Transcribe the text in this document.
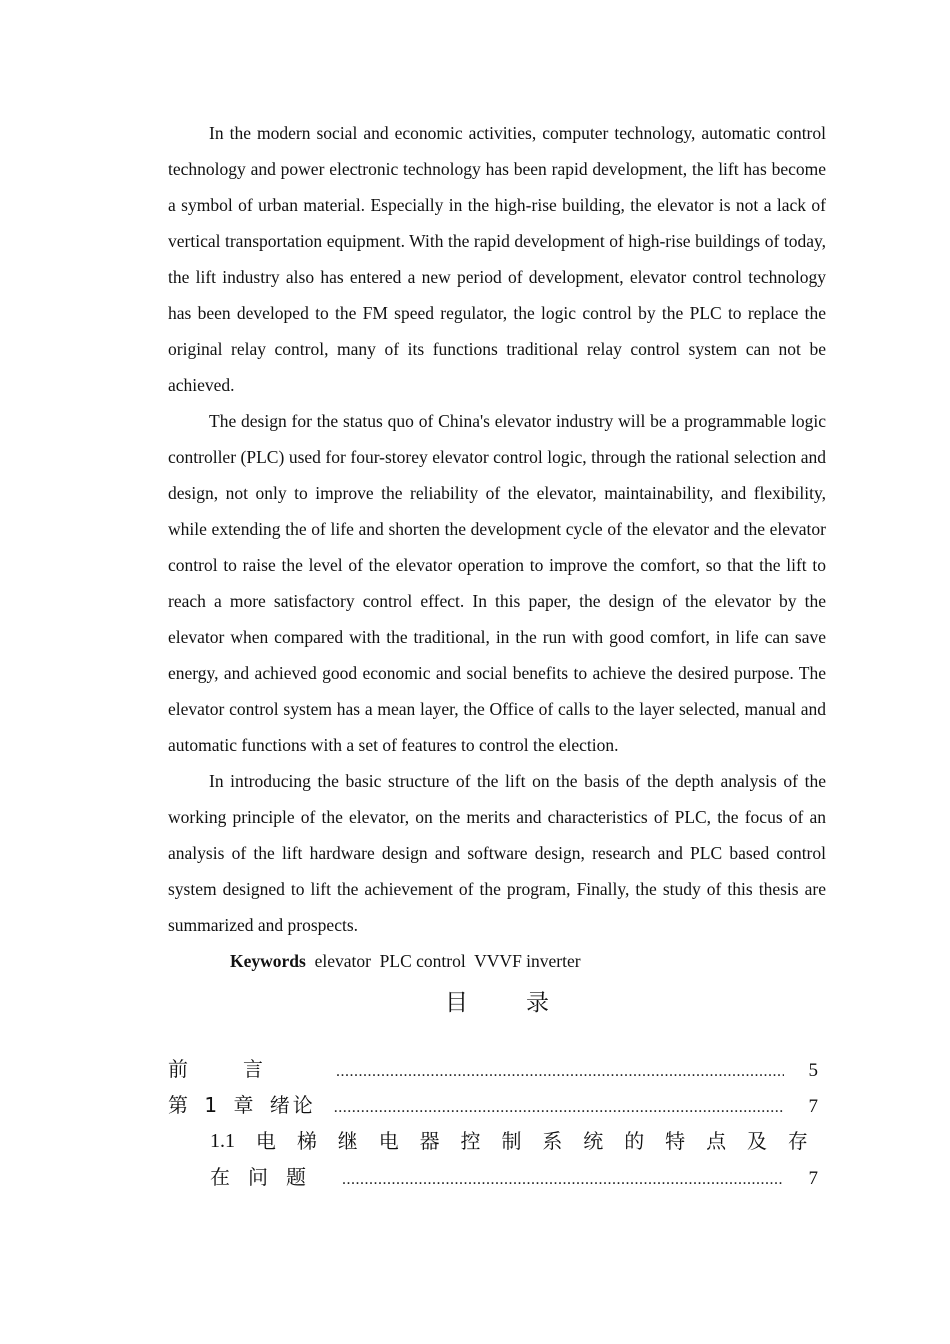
In the modern social and economic activities, computer technology, automatic control technology and power electronic technology has been rapid development, the lift has become a symbol of urban material. Especially in the high-rise building, the elevator is not a lack of vertical transportation equipment. With the rapid development of high-rise buildings of today, the lift industry also has entered a new period of development, elevator control technology has been developed to the FM speed regulator, the logic control by the PLC to replace the original relay control, many of its functions traditional relay control system can not be achieved.

The design for the status quo of China's elevator industry will be a programmable logic controller (PLC) used for four-storey elevator control logic, through the rational selection and design, not only to improve the reliability of the elevator, maintainability, and flexibility, while extending the of life and shorten the development cycle of the elevator and the elevator control to raise the level of the elevator operation to improve the comfort, so that the lift to reach a more satisfactory control effect. In this paper, the design of the elevator by the elevator when compared with the traditional, in the run with good comfort, in life can save energy, and achieved good economic and social benefits to achieve the desired purpose. The elevator control system has a mean layer, the Office of calls to the layer selected, manual and automatic functions with a set of features to control the election.

In introducing the basic structure of the lift on the basis of the depth analysis of the working principle of the elevator, on the merits and characteristics of PLC, the focus of an analysis of the lift hardware design and software design, research and PLC based control system designed to lift the achievement of the program, Finally, the study of this thesis are summarized and prospects.

Keywords  elevator  PLC control  VVVF inverter

目	录
前言 .....	5
第 1 章 绪论 .....	7
1.1 电 梯 继 电 器 控 制 系 统 的 特 点 及 存
在问题 .....	7
